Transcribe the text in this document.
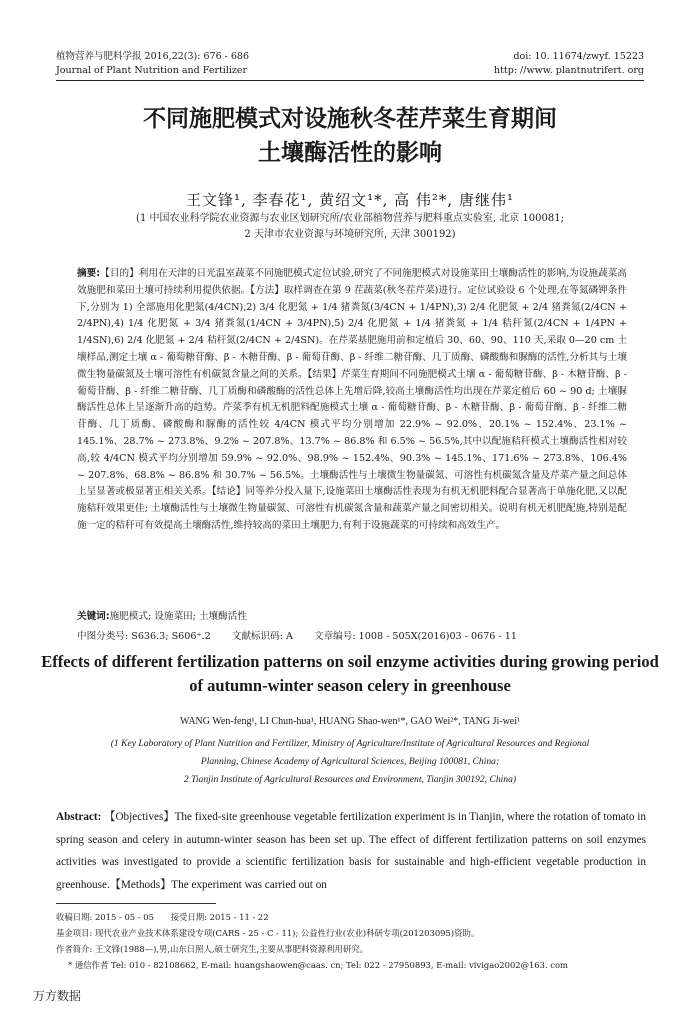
植物营养与肥料学报 2016,22(3): 676 - 686	doi: 10. 11674/zwyf. 15223
Journal of Plant Nutrition and Fertilizer	http: //www. plantnutrifert. org
不同施肥模式对设施秋冬茬芹菜生育期间
土壤酶活性的影响
王文锋¹, 李春花¹, 黄绍文¹*, 高 伟²*, 唐继伟¹
(1 中国农业科学院农业资源与农业区划研究所/农业部植物营养与肥料重点实验室, 北京 100081;
2 天津市农业资源与环境研究所, 天津 300192)
摘要:【目的】利用在天津的日光温室蔬菜不同施肥模式定位试验,研究了不同施肥模式对设施菜田土壤酶活性的影响,为设施蔬菜高效施肥和菜田土壤可持续利用提供依据。【方法】取样调查在第 9 茬蔬菜(秋冬茬芹菜)进行。定位试验设 6 个处理,在等氮磷钾条件下,分别为 1) 全部施用化肥氮(4/4CN),2) 3/4 化肥氮 + 1/4 猪粪氮(3/4CN + 1/4PN),3) 2/4 化肥氮 + 2/4 猪粪氮(2/4CN + 2/4PN),4) 1/4 化肥氮 + 3/4 猪粪氮(1/4CN + 3/4PN),5) 2/4 化肥氮 + 1/4 猪粪氮 + 1/4 秸秆氮(2/4CN + 1/4PN + 1/4SN),6) 2/4 化肥氮 + 2/4 秸秆氮(2/4CN + 2/4SN)。在芹菜基肥施用前和定植后 30、60、90、110 天,采取 0—20 cm 土壤样品,测定土壤 α - 葡萄糖苷酶、β - 木糖苷酶、β - 葡萄苷酶、β - 纤维二糖苷酶、几丁质酶、磷酸酶和脲酶的活性,分析其与土壤微生物量碳氮及土壤可溶性有机碳氮含量之间的关系。【结果】芹菜生育期间不同施肥模式土壤 α - 葡萄糖苷酶、β - 木糖苷酶、β - 葡萄苷酶、β - 纤维二糖苷酶、几丁质酶和磷酸酶的活性总体上先增后降,较高土壤酶活性均出现在芹菜定植后 60 ~ 90 d; 土壤脲酶活性总体上呈逐渐升高的趋势。芹菜季有机无机肥料配施模式土壤 α - 葡萄糖苷酶、β - 木糖苷酶、β - 葡萄苷酶、β - 纤维二糖苷酶、几丁质酶、磷酸酶和脲酶的活性较 4/4CN 模式平均分别增加 22.9% ~ 92.0%、20.1% ~ 152.4%、23.1% ~ 145.1%、28.7% ~ 273.8%、9.2% ~ 207.8%、13.7% ~ 86.8% 和 6.5% ~ 56.5%,其中以配施秸秆模式土壤酶活性相对较高,较 4/4CN 模式平均分别增加 59.9% ~ 92.0%、98.9% ~ 152.4%、90.3% ~ 145.1%、171.6% ~ 273.8%、106.4% ~ 207.8%、68.8% ~ 86.8% 和 30.7% ~ 56.5%。土壤酶活性与土壤微生物量碳氮、可溶性有机碳氮含量及芹菜产量之间总体上呈显著或极显著正相关关系。【结论】同等养分投入量下,设施菜田土壤酶活性表现为有机无机肥料配合显著高于单施化肥,又以配施秸秆效果更佳; 土壤酶活性与土壤微生物量碳氮、可溶性有机碳氮含量和蔬菜产量之间密切相关。说明有机无机肥配施,特别是配施一定的秸秆可有效提高土壤酶活性,维持较高的菜田土壤肥力,有利于设施蔬菜的可持续和高效生产。
关键词:施肥模式; 设施菜田; 土壤酶活性
中图分类号: S636.3; S606⁺.2 文献标识码: A 文章编号: 1008 - 505X(2016)03 - 0676 - 11
Effects of different fertilization patterns on soil enzyme activities during growing period of autumn-winter season celery in greenhouse
WANG Wen-feng¹, LI Chun-hua¹, HUANG Shao-wen¹*, GAO Wei²*, TANG Ji-wei¹
(1 Key Laboratory of Plant Nutrition and Fertilizer, Ministry of Agriculture/Institute of Agricultural Resources and Regional
Planning, Chinese Academy of Agricultural Sciences, Beijing 100081, China;
2 Tianjin Institute of Agricultural Resources and Environment, Tianjin 300192, China)
Abstract: 【Objectives】The fixed-site greenhouse vegetable fertilization experiment is in Tianjin, where the rotation of tomato in spring season and celery in autumn-winter season has been set up. The effect of different fertilization patterns on soil enzymes activities was investigated to provide a scientific fertilization basis for sustainable and high-efficient vegetable production in greenhouse.【Methods】The experiment was carried out on
收稿日期: 2015 - 05 - 05　　接受日期: 2015 - 11 - 22
基金项目: 现代农业产业技术体系建设专项(CARS - 25 - C - 11); 公益性行业(农业)科研专项(201203095)资助。
作者简介: 王文锋(1988—),男,山东日照人,硕士研究生,主要从事肥料资源利用研究。
* 通信作者 Tel: 010 - 82108662, E-mail: huangshaowen@caas. cn; Tel: 022 - 27950893, E-mail: vivigao2002@163. com
万方数据
